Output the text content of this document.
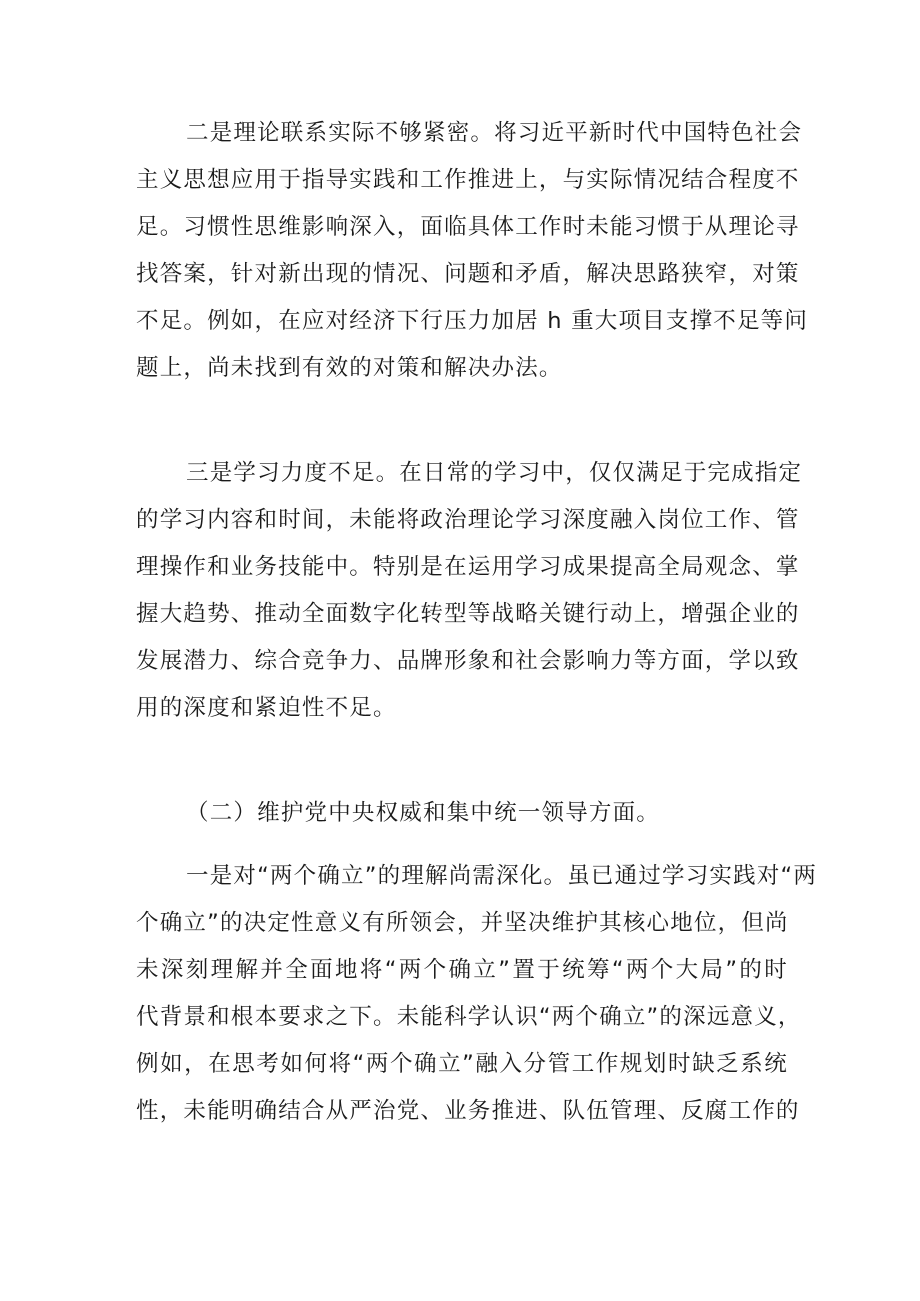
二是理论联系实际不够紧密。将习近平新时代中国特色社会
主义思想应用于指导实践和工作推进上，与实际情况结合程度不
足。习惯性思维影响深入，面临具体工作时未能习惯于从理论寻
找答案，针对新出现的情况、问题和矛盾，解决思路狭窄，对策
不足。例如，在应对经济下行压力加居 h 重大项目支撑不足等问
题上，尚未找到有效的对策和解决办法。

三是学习力度不足。在日常的学习中，仅仅满足于完成指定
的学习内容和时间，未能将政治理论学习深度融入岗位工作、管
理操作和业务技能中。特别是在运用学习成果提高全局观念、掌
握大趋势、推动全面数字化转型等战略关键行动上，增强企业的
发展潜力、综合竞争力、品牌形象和社会影响力等方面，学以致
用的深度和紧迫性不足。

（二）维护党中央权威和集中统一领导方面。

一是对“两个确立”的理解尚需深化。虽已通过学习实践对“两
个确立”的决定性意义有所领会，并坚决维护其核心地位，但尚
未深刻理解并全面地将“两个确立”置于统筹“两个大局”的时
代背景和根本要求之下。未能科学认识“两个确立”的深远意义，
例如，在思考如何将“两个确立”融入分管工作规划时缺乏系统
性，未能明确结合从严治党、业务推进、队伍管理、反腐工作的
